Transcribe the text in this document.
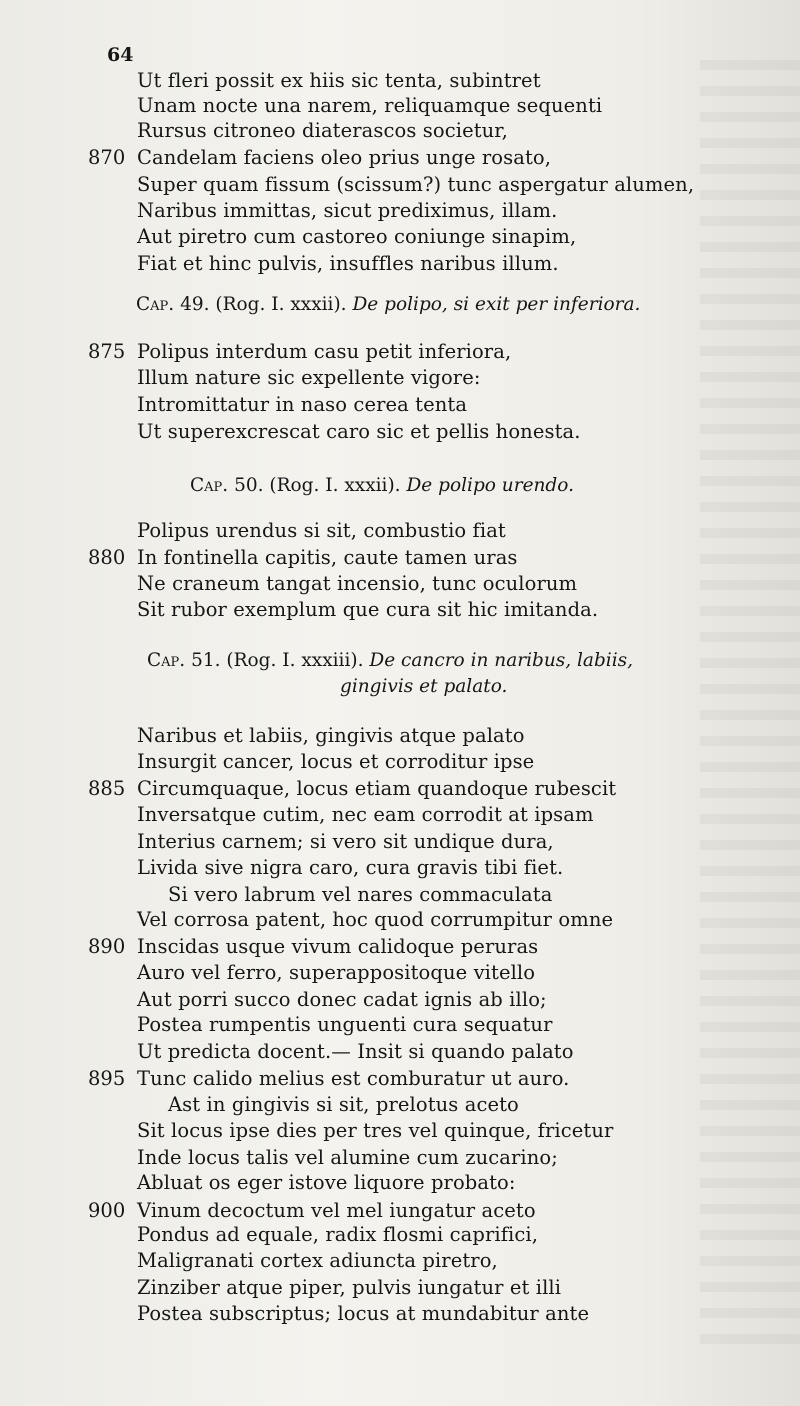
64
Ut fleri possit ex hiis sic tenta, subintret
Unam nocte una narem, reliquamque sequenti
Rursus citroneo diaterascos societur,
870 Candelam faciens oleo prius unge rosato,
Super quam fissum (scissum?) tunc aspergatur alumen,
Naribus immittas, sicut prediximus, illam.
Aut piretro cum castoreo coniunge sinapim,
Fiat et hinc pulvis, insuffles naribus illum.
Cap. 49. (Rog. I. xxxii). De polipo, si exit per inferiora.
875 Polipus interdum casu petit inferiora,
Illum nature sic expellente vigore:
Intromittatur in naso cerea tenta
Ut superexcrescat caro sic et pellis honesta.
Cap. 50. (Rog. I. xxxii). De polipo urendo.
Polipus urendus si sit, combustio fiat
880 In fontinella capitis, caute tamen uras
Ne craneum tangat incensio, tunc oculorum
Sit rubor exemplum que cura sit hic imitanda.
Cap. 51. (Rog. I. xxxiii). De cancro in naribus, labiis,
gingivis et palato.
Naribus et labiis, gingivis atque palato
Insurgit cancer, locus et corroditur ipse
885 Circumquaque, locus etiam quandoque rubescit
Inversatque cutim, nec eam corrodit at ipsam
Interius carnem; si vero sit undique dura,
Livida sive nigra caro, cura gravis tibi fiet.
Si vero labrum vel nares commaculata
Vel corrosa patent, hoc quod corrumpitur omne
890 Inscidas usque vivum calidoque peruras
Auro vel ferro, superappositoque vitello
Aut porri succo donec cadat ignis ab illo;
Postea rumpentis unguenti cura sequatur
Ut predicta docent.— Insit si quando palato
895 Tunc calido melius est comburatur ut auro.
Ast in gingivis si sit, prelotus aceto
Sit locus ipse dies per tres vel quinque, fricetur
Inde locus talis vel alumine cum zucarino;
Abluat os eger istove liquore probato:
900 Vinum decoctum vel mel iungatur aceto
Pondus ad equale, radix flosmi caprifici,
Maligranati cortex adiuncta piretro,
Zinziber atque piper, pulvis iungatur et illi
Postea subscriptus; locus at mundabitur ante
